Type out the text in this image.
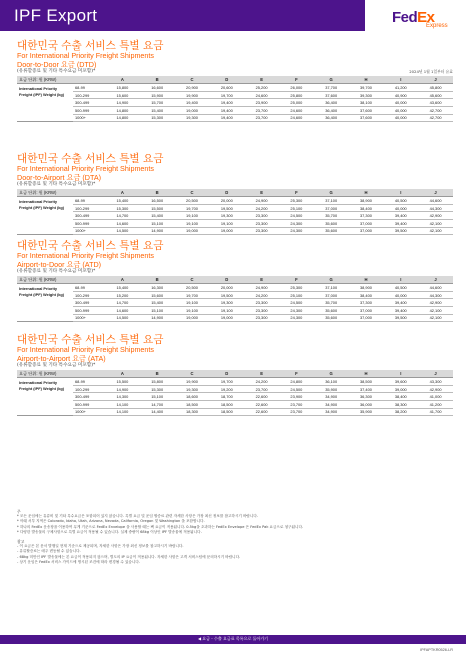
IPF Export	FedEx
Express
대한민국 수출 서비스 특별 요금
For International Priority Freight Shipments
Door-to-Door 요금 (DTD)
(유류할증료 및 기타 특수요금 미포함)*	2024년 1월 1일부터 유효
요금 단위: 원 (KRW)		A	B	C	D	E	F	G	H	I	J
International Priority Freight (IPF) Weight (kg)	68-99	15,800	16,600	20,900	20,600	25,200	26,000	37,700	39,700	41,200	45,800
	100-299	15,600	15,900	19,900	19,700	24,600	25,800	37,600	39,300	40,900	45,600
	300-499	14,900	15,700	19,400	19,400	23,900	25,000	36,400	38,100	40,000	43,600
	500-999	14,800	15,400	19,000	19,400	23,700	24,600	36,400	37,600	40,000	42,700
	1000+	14,800	15,300	19,300	19,400	23,700	24,600	36,400	37,600	40,000	42,700
대한민국 수출 서비스 특별 요금
For International Priority Freight Shipments
Door-to-Airport 요금 (DTA)
(유류할증료 및 기타 특수요금 미포함)*
요금 단위: 원 (KRW)		A	B	C	D	E	F	G	H	I	J
International Priority Freight (IPF) Weight (kg)	68-99	15,400	16,500	20,500	20,000	24,900	25,300	37,100	38,900	40,500	44,600
	100-299	15,300	15,500	19,700	19,500	24,200	25,100	37,000	38,400	40,000	44,300
	300-499	14,700	15,400	19,100	19,300	23,300	24,500	35,700	37,300	39,400	42,900
	500-999	14,600	15,100	19,100	19,100	23,300	24,300	35,600	37,000	39,400	42,100
	1000+	14,500	14,900	19,000	19,000	23,300	24,300	35,600	37,000	39,500	42,100
대한민국 수출 서비스 특별 요금
For International Priority Freight Shipments
Airport-to-Door 요금 (ATD)
(유류할증료 및 기타 특수요금 미포함)*
요금 단위: 원 (KRW)		A	B	C	D	E	F	G	H	I	J
International Priority Freight (IPF) Weight (kg)	68-99	15,400	16,300	20,500	20,000	24,900	25,300	37,100	38,900	40,500	44,600
	100-299	15,200	15,600	19,700	19,500	24,200	25,100	37,000	38,400	40,000	44,300
	300-499	14,700	15,400	19,100	19,300	23,300	24,500	35,700	37,300	39,400	42,900
	500-999	14,600	15,100	19,100	19,100	23,300	24,300	35,600	37,000	39,400	42,100
	1000+	14,500	14,900	19,000	19,000	23,300	24,300	35,600	37,000	39,500	42,100
대한민국 수출 서비스 특별 요금
For International Priority Freight Shipments
Airport-to-Airport 요금 (ATA)
(유류할증료 및 기타 특수요금 미포함)*
요금 단위: 원 (KRW)		A	B	C	D	E	F	G	H	I	J
International Priority Freight (IPF) Weight (kg)	68-99	15,500	15,800	19,900	19,700	24,200	24,800	36,100	38,500	39,600	43,300
	100-299	14,900	15,300	19,300	19,200	23,700	24,500	35,900	37,400	39,000	42,900
	300-499	14,300	15,100	18,600	18,700	22,600	23,900	34,900	36,300	38,400	41,000
	500-999	14,100	14,700	18,500	18,500	22,600	23,700	34,900	36,000	38,300	41,200
	1000+	14,100	14,400	18,300	18,500	22,600	23,700	34,900	35,900	38,200	41,700
주
* 모든 운임에는 유류비 및 기타 특수요금은 포함되어 있지 않습니다. 특별 요금 및 운임 할증료 관련 자세한 사항은 가장 최신 정보를 참고하시기 바랍니다.
* 아래 서부 지역은 Colorado, Idaho, Utah, Arizona, Nevada, California, Oregon 및 Washington 을 포함합니다.
* 하나의 FedEx 운송장을 이용하여 무게 기준으로 FedEx Envelope 을 사용할 때는 팩 요금이 적용됩니다. 0.5kg을 초과하는 FedEx Envelope 은 FedEx Pak 요금으로 청구됩니다.
* 다양한 발송물의 구체사항으로 특별 요금이 적용될 수 있습니다. 실제 중량이 68kg 이상인 IPF 발송물에 적용됩니다.
참고
- 이 요금은 본 문서 발행일 현재 기준으로 제공되며, 자세한 사항은 가장 최신 정보를 참고하시기 바랍니다.
- 유류할증료는 매주 변동될 수 있습니다.
- 68kg 미만인 IPF 발송물에는 본 요금이 적용되지 않으며, 별도의 IP 요금이 적용됩니다. 자세한 사항은 고객 서비스팀에 문의하시기 바랍니다.
- 상기 운임은 FedEx 서비스 가이드에 명시된 조건에 따라 변경될 수 있습니다.
◀ 요금 - 수출 요금표 목록으로 돌아가기
IPFAPTKR0526-LR
